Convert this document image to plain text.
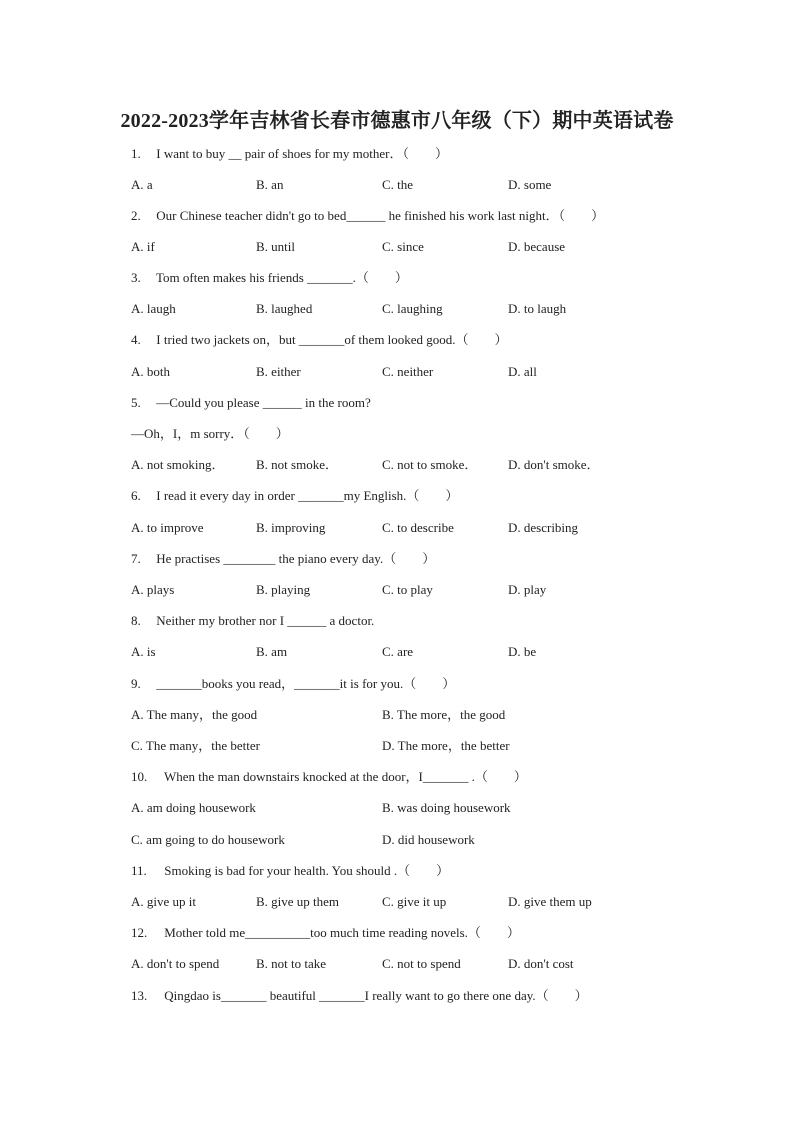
2022-2023学年吉林省长春市德惠市八年级（下）期中英语试卷
1. I want to buy __ pair of shoes for my mother．（　　）
A. a	B. an	C. the	D. some
2. Our Chinese teacher didn't go to bed______ he finished his work last night．（　　）
A. if	B. until	C. since	D. because
3. Tom often makes his friends _______.（　　）
A. laugh	B. laughed	C. laughing	D. to laugh
4. I tried two jackets on，but _______of them looked good.（　　）
A. both	B. either	C. neither	D. all
5. —Could you please ______ in the room?
—Oh，I，m sorry．（　　）
A. not smoking． B. not smoke．	C. not to smoke． D. don't smoke．
6. I read it every day in order _______my English.（　　）
A. to improve	B. improving	C. to describe	D. describing
7. He practises ________ the piano every day.（　　）
A. plays	B. playing	C. to play	D. play
8. Neither my brother nor I ______ a doctor.
A. is	B. am	C. are	D. be
9. _______books you read，_______it is for you.（　　）
A. The many，the good	B. The more，the good
C. The many，the better	D. The more，the better
10. When the man downstairs knocked at the door，I_______ .（　　）
A. am doing housework	B. was doing housework
C. am going to do housework	D. did housework
11. Smoking is bad for your health. You should .（　　）
A. give up it	B. give up them	C. give it up	D. give them up
12. Mother told me__________too much time reading novels.（　　）
A. don't to spend	B. not to take	C. not to spend	D. don't cost
13. Qingdao is_______ beautiful _______I really want to go there one day.（　　）
